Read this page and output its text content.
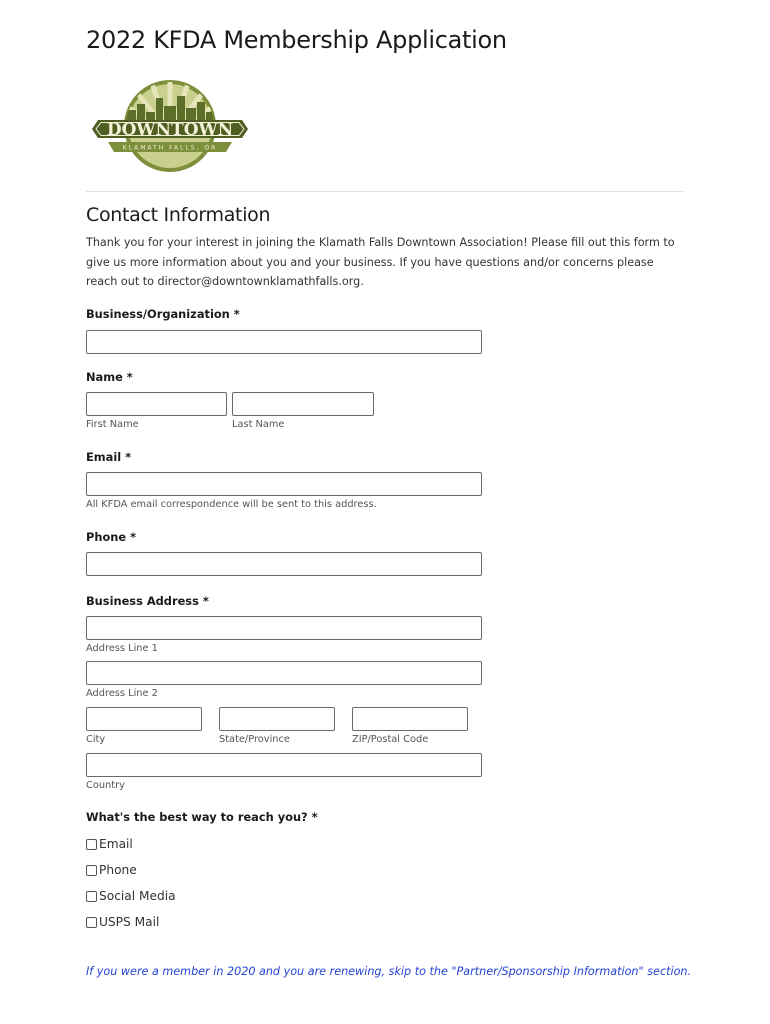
2022 KFDA Membership Application
DOWNTOWN
KLAMATH FALLS, OR
Contact Information

Thank you for your interest in joining the Klamath Falls Downtown Association! Please fill out this form to give us more information about you and your business. If you have questions and/or concerns please reach out to director@downtownklamathfalls.org.

Business/Organization *
Name *
First Name	Last Name
Email *
All KFDA email correspondence will be sent to this address.
Phone *
Business Address *
Address Line 1
Address Line 2
City	State/Province	ZIP/Postal Code
Country
What's the best way to reach you? *
Email
Phone
Social Media
USPS Mail
If you were a member in 2020 and you are renewing, skip to the "Partner/Sponsorship Information" section.
